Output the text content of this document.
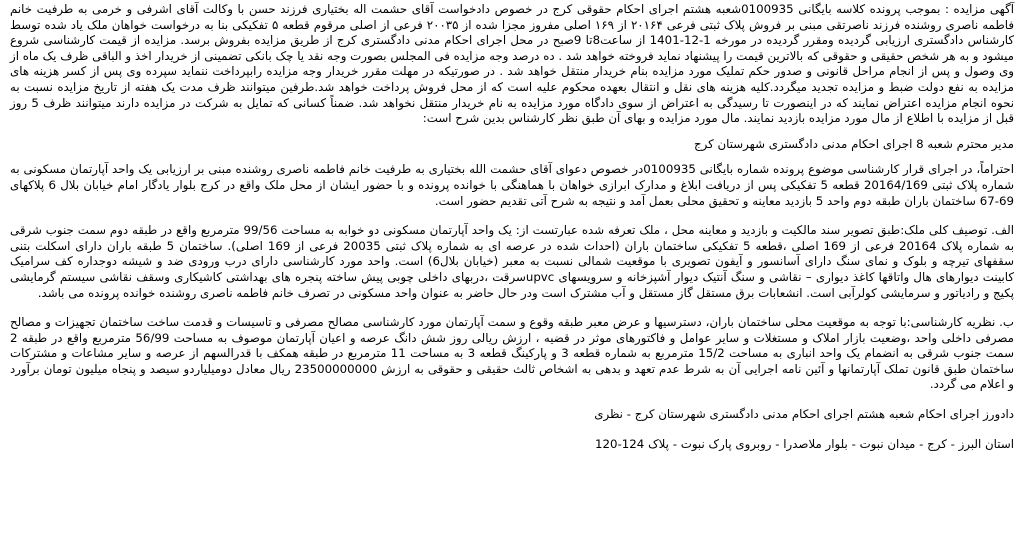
آگهی مزایده : بموجب پرونده کلاسه بایگانی 0100935شعبه هشتم اجرای احکام حقوقی کرج در خصوص دادخواست آقای حشمت اله بختیاری فرزند حسن با وکالت آقای اشرفی و خرمی به طرفیت خانم فاطمه ناصری روشنده فرزند ناصرتقی مبنی بر فروش پلاک ثبتی فرعی ۲۰۱۶۴ از ۱۶۹ اصلی مفروز مجزا شده از ۲۰۰۳۵ فرعی از اصلی مرقوم قطعه ۵ تفکیکی بنا به درخواست خواهان ملک یاد شده توسط کارشناس دادگستری ارزیابی گردیده ومقرر گردیده در مورخه 1-12-1401 از ساعت8تا 9صبح در محل اجرای احکام مدنی دادگستری کرج از طریق مزایده بفروش برسد. مزایده از قیمت کارشناسی شروع میشود و به هر شخص حقیقی و حقوقی که بالاترین قیمت را پیشنهاد نماید فروخته خواهد شد . ده درصد وجه مزایده فی المجلس بصورت وجه نقد یا چک بانکی تضمینی از خریدار اخذ و الباقی ظرف یک ماه از وی وصول و پس از انجام مراحل قانونی و صدور حکم تملیک مورد مزایده بنام خریدار منتقل خواهد شد . در صورتیکه در مهلت مقرر خریدار وجه مزایده رابپرداخت ننماید سپرده وی پس از کسر هزینه های مزایده به نفع دولت ضبط و مزایده تجدید میگردد.کلیه هزینه های نقل و انتقال بعهده محکوم علیه است که از محل فروش پرداخت خواهد شد.طرفین میتوانند ظرف مدت یک هفته از تاریخ مزایده نسبت به نحوه انجام مزایده اعتراض نمایند که در اینصورت تا رسیدگی به اعتراض از سوی دادگاه مورد مزایده به نام خریدار منتقل نخواهد شد. ضمناً کسانی که تمایل به شرکت در مزایده دارند میتوانند ظرف 5 روز قبل از مزایده با اطلاع از مال مورد مزایده بازدید نمایند. مال مورد مزایده و بهای آن طبق نظر کارشناس بدین شرح است:

مدیر محترم شعبه 8 اجرای احکام مدنی دادگستری شهرستان کرج

احتراماً، در اجرای قرار کارشناسی موضوع پرونده شماره بایگانی 0100935در خصوص دعوای آقای حشمت الله بختیاری به طرفیت خانم فاطمه ناصری روشنده مبنی بر ارزیابی یک واحد آپارتمان مسکونی به شماره پلاک ثبتی 20164/169 قطعه 5 تفکیکی پس از دریافت ابلاغ و مدارک ابرازی خواهان با هماهنگی با خوانده پرونده و با حضور ایشان از محل ملک واقع در کرج بلوار یادگار امام خیابان بلال 6 پلاکهای 69-67 ساختمان باران طبقه دوم واحد 5 بازدید معاینه و تحقیق محلی بعمل آمد و نتیجه به شرح آتی تقدیم حضور است.

الف. توصیف کلی ملک:طبق تصویر سند مالکیت و بازدید و معاینه محل ، ملک تعرفه شده عبارتست از: یک واحد آپارتمان مسکونی دو خوابه به مساحت 99/56 مترمربع واقع در طبقه دوم سمت جنوب شرقی به شماره پلاک 20164 فرعی از 169 اصلی ،قطعه 5 تفکیکی ساختمان باران (احداث شده در عرصه ای به شماره پلاک ثبتی 20035 فرعی از 169 اصلی). ساختمان 5 طبقه باران دارای اسکلت بتنی سقفهای تیرچه و بلوک و نمای سنگ دارای آسانسور و آیفون تصویری با موقعیت شمالی نسبت به معبر (خیابان بلال6) است. واحد مورد کارشناسی دارای درب ورودی ضد و شیشه دوجداره کف سرامیک کابینت دیوارهای هال واتاقها کاغذ دیواری – نقاشی و سنگ آنتیک دیوار آشپزخانه و سرویسهای upvcسرقت ،دربهای داخلی چوبی پیش ساخته پنجره های بهداشتی کاشیکاری وسقف نقاشی سیستم گرمایشی پکیج و رادیاتور و سرمایشی کولرآبی است. انشعابات برق مستقل گاز مستقل و آب مشترک است ودر حال حاضر به عنوان واحد مسکونی در تصرف خانم فاطمه ناصری روشنده خوانده پرونده می باشد.

ب. نظریه کارشناسی:با توجه به موقعیت محلی ساختمان باران، دسترسیها و عرض معبر طبقه وقوع و سمت آپارتمان مورد کارشناسی مصالح مصرفی و تاسیسات و قدمت ساخت ساختمان تجهیزات و مصالح مصرفی داخلی واحد ،وضعیت بازار املاک و مستغلات و سایر عوامل و فاکتورهای موثر در قضیه ، ارزش ریالی روز شش دانگ عرصه و اعیان آپارتمان موصوف به مساحت 56/99 مترمربع واقع در طبقه 2 سمت جنوب شرقی به انضمام یک واحد انباری به مساحت 15/2 مترمربع به شماره قطعه 3 و پارکینگ قطعه 3 به مساحت 11 مترمربع در طبقه همکف با قدرالسهم از عرصه و سایر مشاعات و مشترکات ساختمان طبق قانون تملک آپارتمانها و آئین نامه اجرایی آن به شرط عدم تعهد و بدهی به اشخاص ثالث حقیقی و حقوقی به ارزش 23500000000 ریال معادل دومیلیاردو سیصد و پنجاه میلیون تومان برآورد و اعلام می گردد.

دادورز اجرای احکام شعبه هشتم اجرای احکام مدنی دادگستری شهرستان کرج - نظری

استان البرز - کرج - میدان نبوت - بلوار ملاصدرا - روبروی پارک نبوت - پلاک 124-120
